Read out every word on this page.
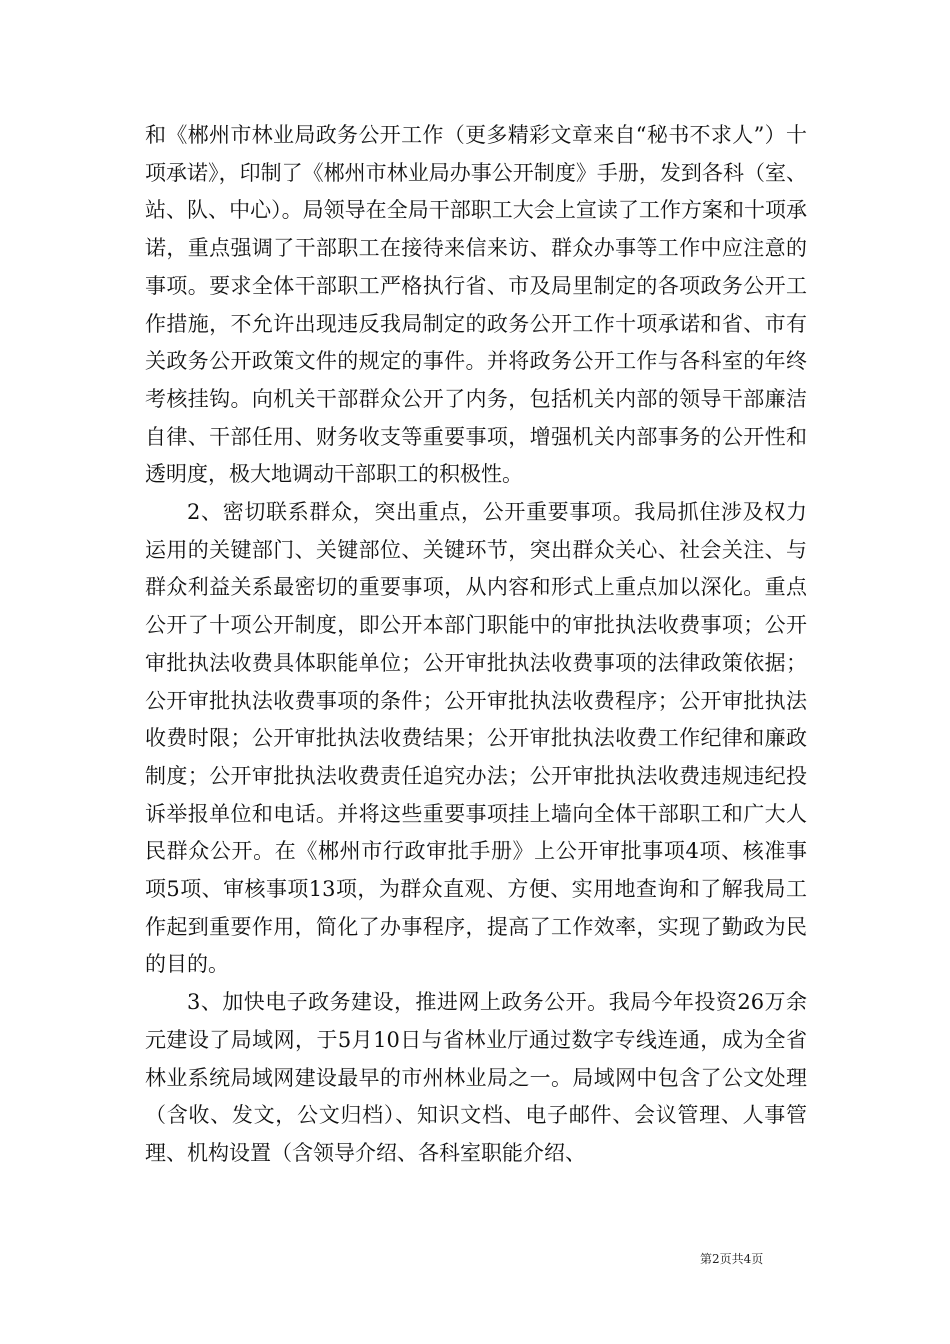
和《郴州市林业局政务公开工作（更多精彩文章来自“秘书不求人”）十项承诺》，印制了《郴州市林业局办事公开制度》手册，发到各科（室、站、队、中心）。局领导在全局干部职工大会上宣读了工作方案和十项承诺，重点强调了干部职工在接待来信来访、群众办事等工作中应注意的事项。要求全体干部职工严格执行省、市及局里制定的各项政务公开工作措施，不允许出现违反我局制定的政务公开工作十项承诺和省、市有关政务公开政策文件的规定的事件。并将政务公开工作与各科室的年终考核挂钩。向机关干部群众公开了内务，包括机关内部的领导干部廉洁自律、干部任用、财务收支等重要事项，增强机关内部事务的公开性和透明度，极大地调动干部职工的积极性。

2、密切联系群众，突出重点，公开重要事项。我局抓住涉及权力运用的关键部门、关键部位、关键环节，突出群众关心、社会关注、与群众利益关系最密切的重要事项，从内容和形式上重点加以深化。重点公开了十项公开制度，即公开本部门职能中的审批执法收费事项；公开审批执法收费具体职能单位；公开审批执法收费事项的法律政策依据；公开审批执法收费事项的条件；公开审批执法收费程序；公开审批执法收费时限；公开审批执法收费结果；公开审批执法收费工作纪律和廉政制度；公开审批执法收费责任追究办法；公开审批执法收费违规违纪投诉举报单位和电话。并将这些重要事项挂上墙向全体干部职工和广大人民群众公开。在《郴州市行政审批手册》上公开审批事项4项、核准事项5项、审核事项13项，为群众直观、方便、实用地查询和了解我局工作起到重要作用，简化了办事程序，提高了工作效率，实现了勤政为民的目的。

3、加快电子政务建设，推进网上政务公开。我局今年投资26万余元建设了局域网，于5月10日与省林业厅通过数字专线连通，成为全省林业系统局域网建设最早的市州林业局之一。局域网中包含了公文处理（含收、发文，公文归档）、知识文档、电子邮件、会议管理、人事管理、机构设置（含领导介绍、各科室职能介绍、

第2页共4页
